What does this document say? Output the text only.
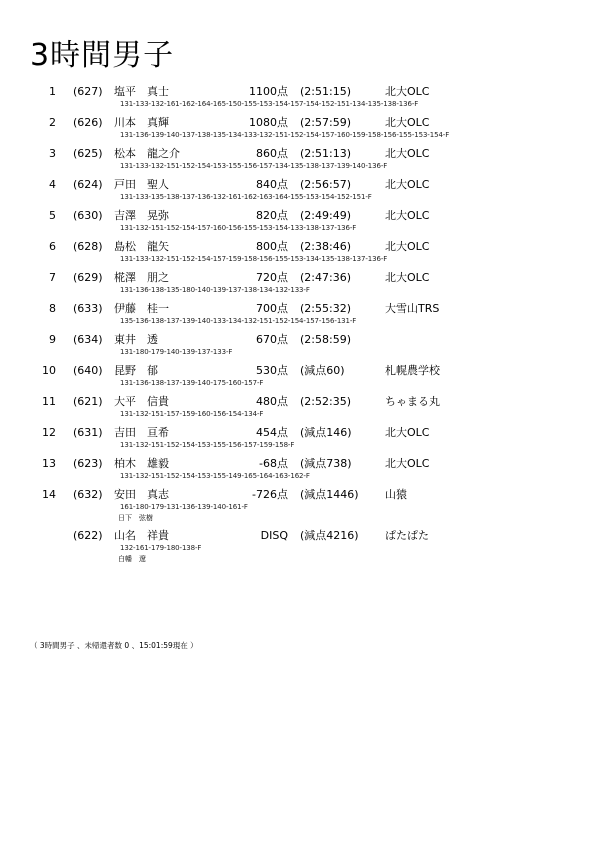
3時間男子
1 (627) 塩平　真士	1100点 (2:51:15)	北大OLC
131-133-132-161-162-164-165-150-155-153-154-157-154-152-151-134-135-138-136-F
2 (626) 川本　真輝	1080点 (2:57:59)	北大OLC
131-136-139-140-137-138-135-134-133-132-151-152-154-157-160-159-158-156-155-153-154-F
3 (625) 松本　龍之介	860点 (2:51:13)	北大OLC
131-133-132-151-152-154-153-155-156-157-134-135-138-137-139-140-136-F
4 (624) 戸田　聖人	840点 (2:56:57)	北大OLC
131-133-135-138-137-136-132-161-162-163-164-155-153-154-152-151-F
5 (630) 吉澤　晃弥	820点 (2:49:49)	北大OLC
131-132-151-152-154-157-160-156-155-153-154-133-138-137-136-F
6 (628) 島松　龍矢	800点 (2:38:46)	北大OLC
131-133-132-151-152-154-157-159-158-156-155-153-134-135-138-137-136-F
7 (629) 椛澤　朋之	720点 (2:47:36)	北大OLC
131-136-138-135-180-140-139-137-138-134-132-133-F
8 (633) 伊藤　桂一	700点 (2:55:32)	大雪山TRS
135-136-138-137-139-140-133-134-132-151-152-154-157-156-131-F
9 (634) 東井　透	670点 (2:58:59)
131-180-179-140-139-137-133-F
10 (640) 昆野　郁	530点 (減点60)	札幌農学校
131-136-138-137-139-140-175-160-157-F
11 (621) 大平　信貴	480点 (2:52:35)	ちゃまる丸
131-132-151-157-159-160-156-154-134-F
12 (631) 吉田　亘希	454点 (減点146)	北大OLC
131-132-151-152-154-153-155-156-157-159-158-F
13 (623) 柏木　雄毅	-68点 (減点738)	北大OLC
131-132-151-152-154-153-155-149-165-164-163-162-F
14 (632) 安田　真志	-726点 (減点1446) 山猿
161-180-179-131-136-139-140-161-F
日下　弦樹
(622) 山名　祥貴	DISQ (減点4216) ぱたぱた
132-161-179-180-138-F
白幡　遼
（ 3時間男子 、未帰還者数 0 、15:01:59現在 ）
